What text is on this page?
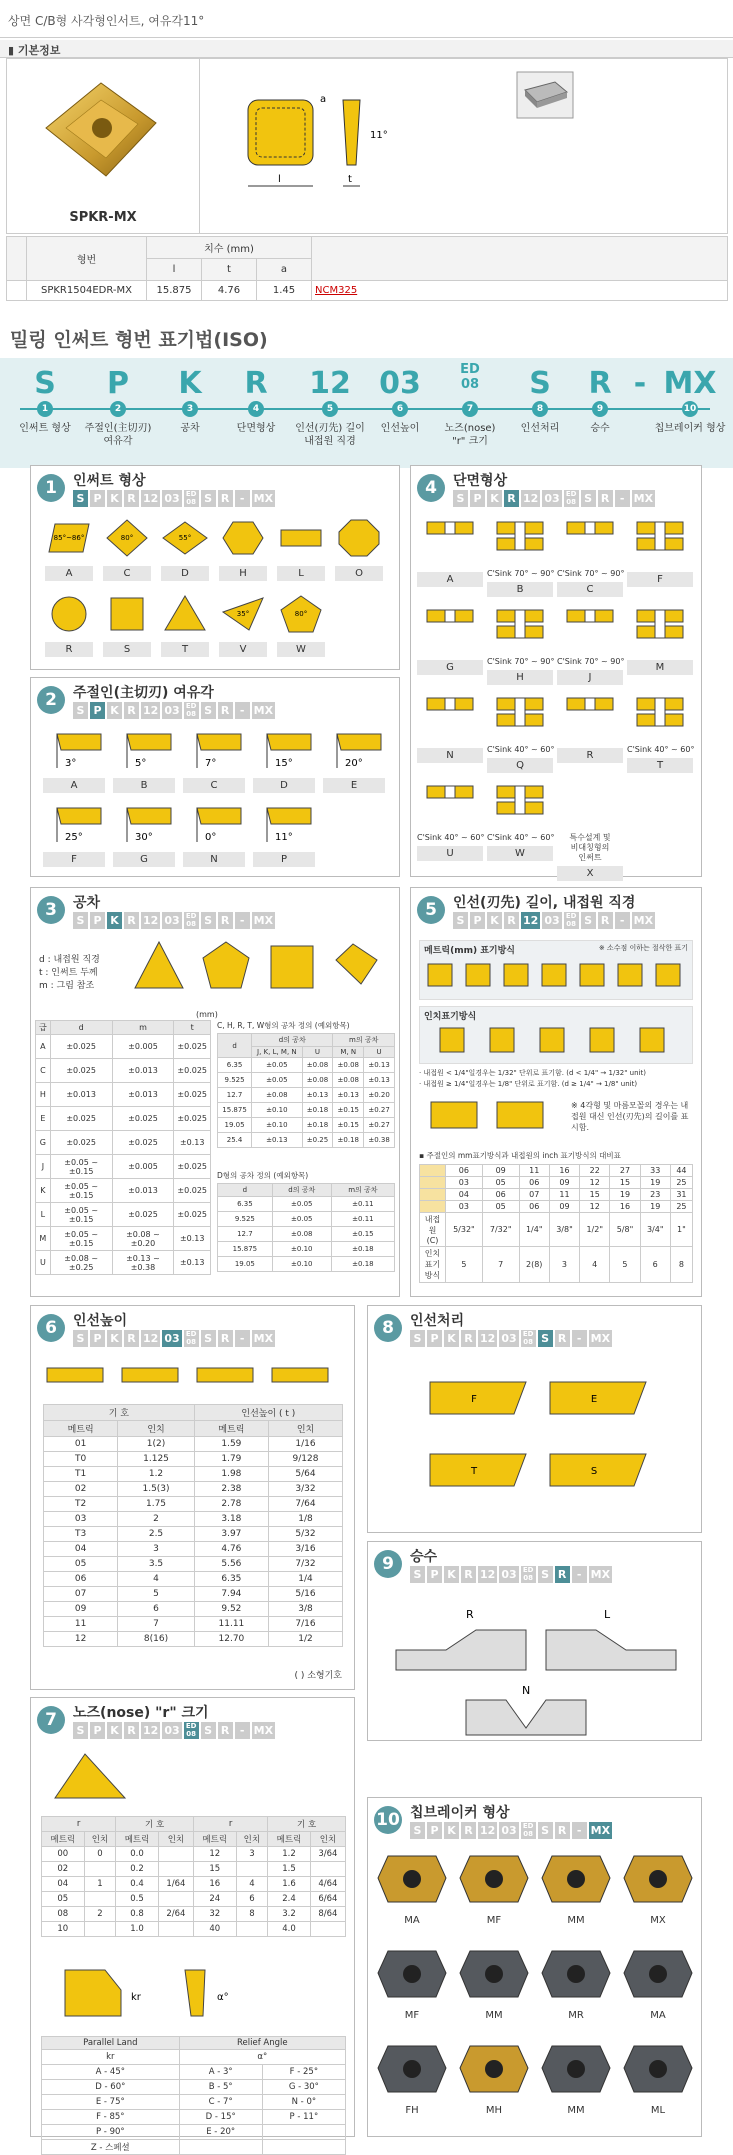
상면 C/B형 사각형인서트, 여유각11°
▮ 기본정보
SPKR-MX
l
a
t
11°
	형번	치수 (mm)			
		l	t	a	
	SPKR1504EDR-MX	15.875	4.76	1.45	NCM325
밀링 인써트 형번 표기법(ISO)
S	P	K	R	12 03	ED
08	S	R - MX
1
인써트 형상
2
주절인(主切刃)
여유각
3
공차
4
단면형상
5
인선(刃先) 길이
내접원 직경
6
인선높이
7
노즈(nose)
"r" 크기
8
인선처리
9
승수
10
칩브레이커 형상
1	인써트 형상
S P K R 12 03 ED
08 S R - MX
85°~86°
A
80°
C
55°
D	H	L	O
R	S	T
35°
V
80°
W
2	주절인(主切刃) 여유각
S P K R 12 03 ED
08 S R - MX
3°
A
5°
B
7°
C
15°
D
20°
E
25°
F
30°
G
0°
N
11°
P
4	단면형상
S P K R 12 03 ED
08 S R - MX
A
C'Sink 70° ~ 90°
B
C'Sink 70° ~ 90°
C
F
G
C'Sink 70° ~ 90°
H
C'Sink 70° ~ 90°
J
M
N
C'Sink 40° ~ 60°
Q
R
C'Sink 40° ~ 60°
T
C'Sink 40° ~ 60°
U
C'Sink 40° ~ 60°
W
특수설계 및
비대칭형의
인써트
X
3	공차
S P K R 12 03 ED
08 S R - MX
d : 내접원 직경
t : 인써트 두께
m : 그림 참조
(mm)
급	d	m	t
A	±0.025	±0.005	±0.025
C	±0.025	±0.013	±0.025
H	±0.013	±0.013	±0.025
E	±0.025	±0.025	±0.025
G	±0.025	±0.025	±0.13
J	±0.05 ~ ±0.15	±0.005	±0.025
K	±0.05 ~ ±0.15	±0.013	±0.025
L	±0.05 ~ ±0.15	±0.025	±0.025
M	±0.05 ~ ±0.15	±0.08 ~ ±0.20	±0.13
U	±0.08 ~ ±0.25	±0.13 ~ ±0.38	±0.13
C, H, R, T, W형의 공차 정의 (예외항목)
d	d의 공차		m의 공차	
	J, K, L, M, N	U	M, N	U
6.35	±0.05	±0.08	±0.08	±0.13
9.525	±0.05	±0.08	±0.08	±0.13
12.7	±0.08	±0.13	±0.13	±0.20
15.875	±0.10	±0.18	±0.15	±0.27
19.05	±0.10	±0.18	±0.15	±0.27
25.4	±0.13	±0.25	±0.18	±0.38
D형의 공차 정의 (예외항목)
d	d의 공차	m의 공차
6.35	±0.05	±0.11
9.525	±0.05	±0.11
12.7	±0.08	±0.15
15.875	±0.10	±0.18
19.05	±0.10	±0.18
5	인선(刃先) 길이, 내접원 직경
S P K R 12 03 ED
08 S R - MX
메트릭(mm) 표기방식	※ 소수점 이하는 절삭한 표기
인치표기방식
· 내접원 < 1/4"일경우는 1/32" 단위로 표기함. (d < 1/4" → 1/32" unit)
· 내접원 ≥ 1/4"일경우는 1/8" 단위로 표기함. (d ≥ 1/4" → 1/8" unit)
※ 4각형 및 마름모꼴의 경우는 내접원 대신 인선(刃先)의 길이를 표시함.
▪ 주절인의 mm표기방식과 내접원의 inch 표기방식의 대비표
	06	09	11	16	22	27	33	44
	03	05	06	09	12	15	19	25
	04	06	07	11	15	19	23	31
	03	05	06	09	12	16	19	25
내접원(C)	5/32"	7/32"	1/4"	3/8"	1/2"	5/8"	3/4"	1"
인치표기방식	5	7	2(8)	3	4	5	6	8
6	인선높이
S P K R 12 03 ED
08 S R - MX
기 호		인선높이 ( t )	
메트릭	인치	메트릭	인치
01	1(2)	1.59	1/16
T0	1.125	1.79	9/128
T1	1.2	1.98	5/64
02	1.5(3)	2.38	3/32
T2	1.75	2.78	7/64
03	2	3.18	1/8
T3	2.5	3.97	5/32
04	3	4.76	3/16
05	3.5	5.56	7/32
06	4	6.35	1/4
07	5	7.94	5/16
09	6	9.52	3/8
11	7	11.11	7/16
12	8(16)	12.70	1/2
( ) 소형기호
8	인선처리
S P K R 12 03 ED
08 S R - MX
F	E
T	S
9	승수
S P K R 12 03 ED
08 S R - MX
R	L
N
7	노즈(nose) "r" 크기
S P K R 12 03 ED
08 S R - MX
r		기 호		r		기 호	
메트릭	인치	메트릭	인치	메트릭	인치	메트릭	인치
00	0	0.0		12	3	1.2	3/64
02		0.2		15		1.5	
04	1	0.4	1/64	16	4	1.6	4/64
05		0.5		24	6	2.4	6/64
08	2	0.8	2/64	32	8	3.2	8/64
10		1.0		40		4.0	
kr	α°
Parallel Land	Relief Angle	
kr	α°	
A - 45°	A - 3°	F - 25°
D - 60°	B - 5°	G - 30°
E - 75°	C - 7°	N - 0°
F - 85°	D - 15°	P - 11°
P - 90°	E - 20°	
Z - 스페셜		
10 칩브레이커 형상
S P K R 12 03 ED
08 S R - MX
MA	MF	MM	MX
MF	MM	MR	MA
FH	MH	MM	ML
